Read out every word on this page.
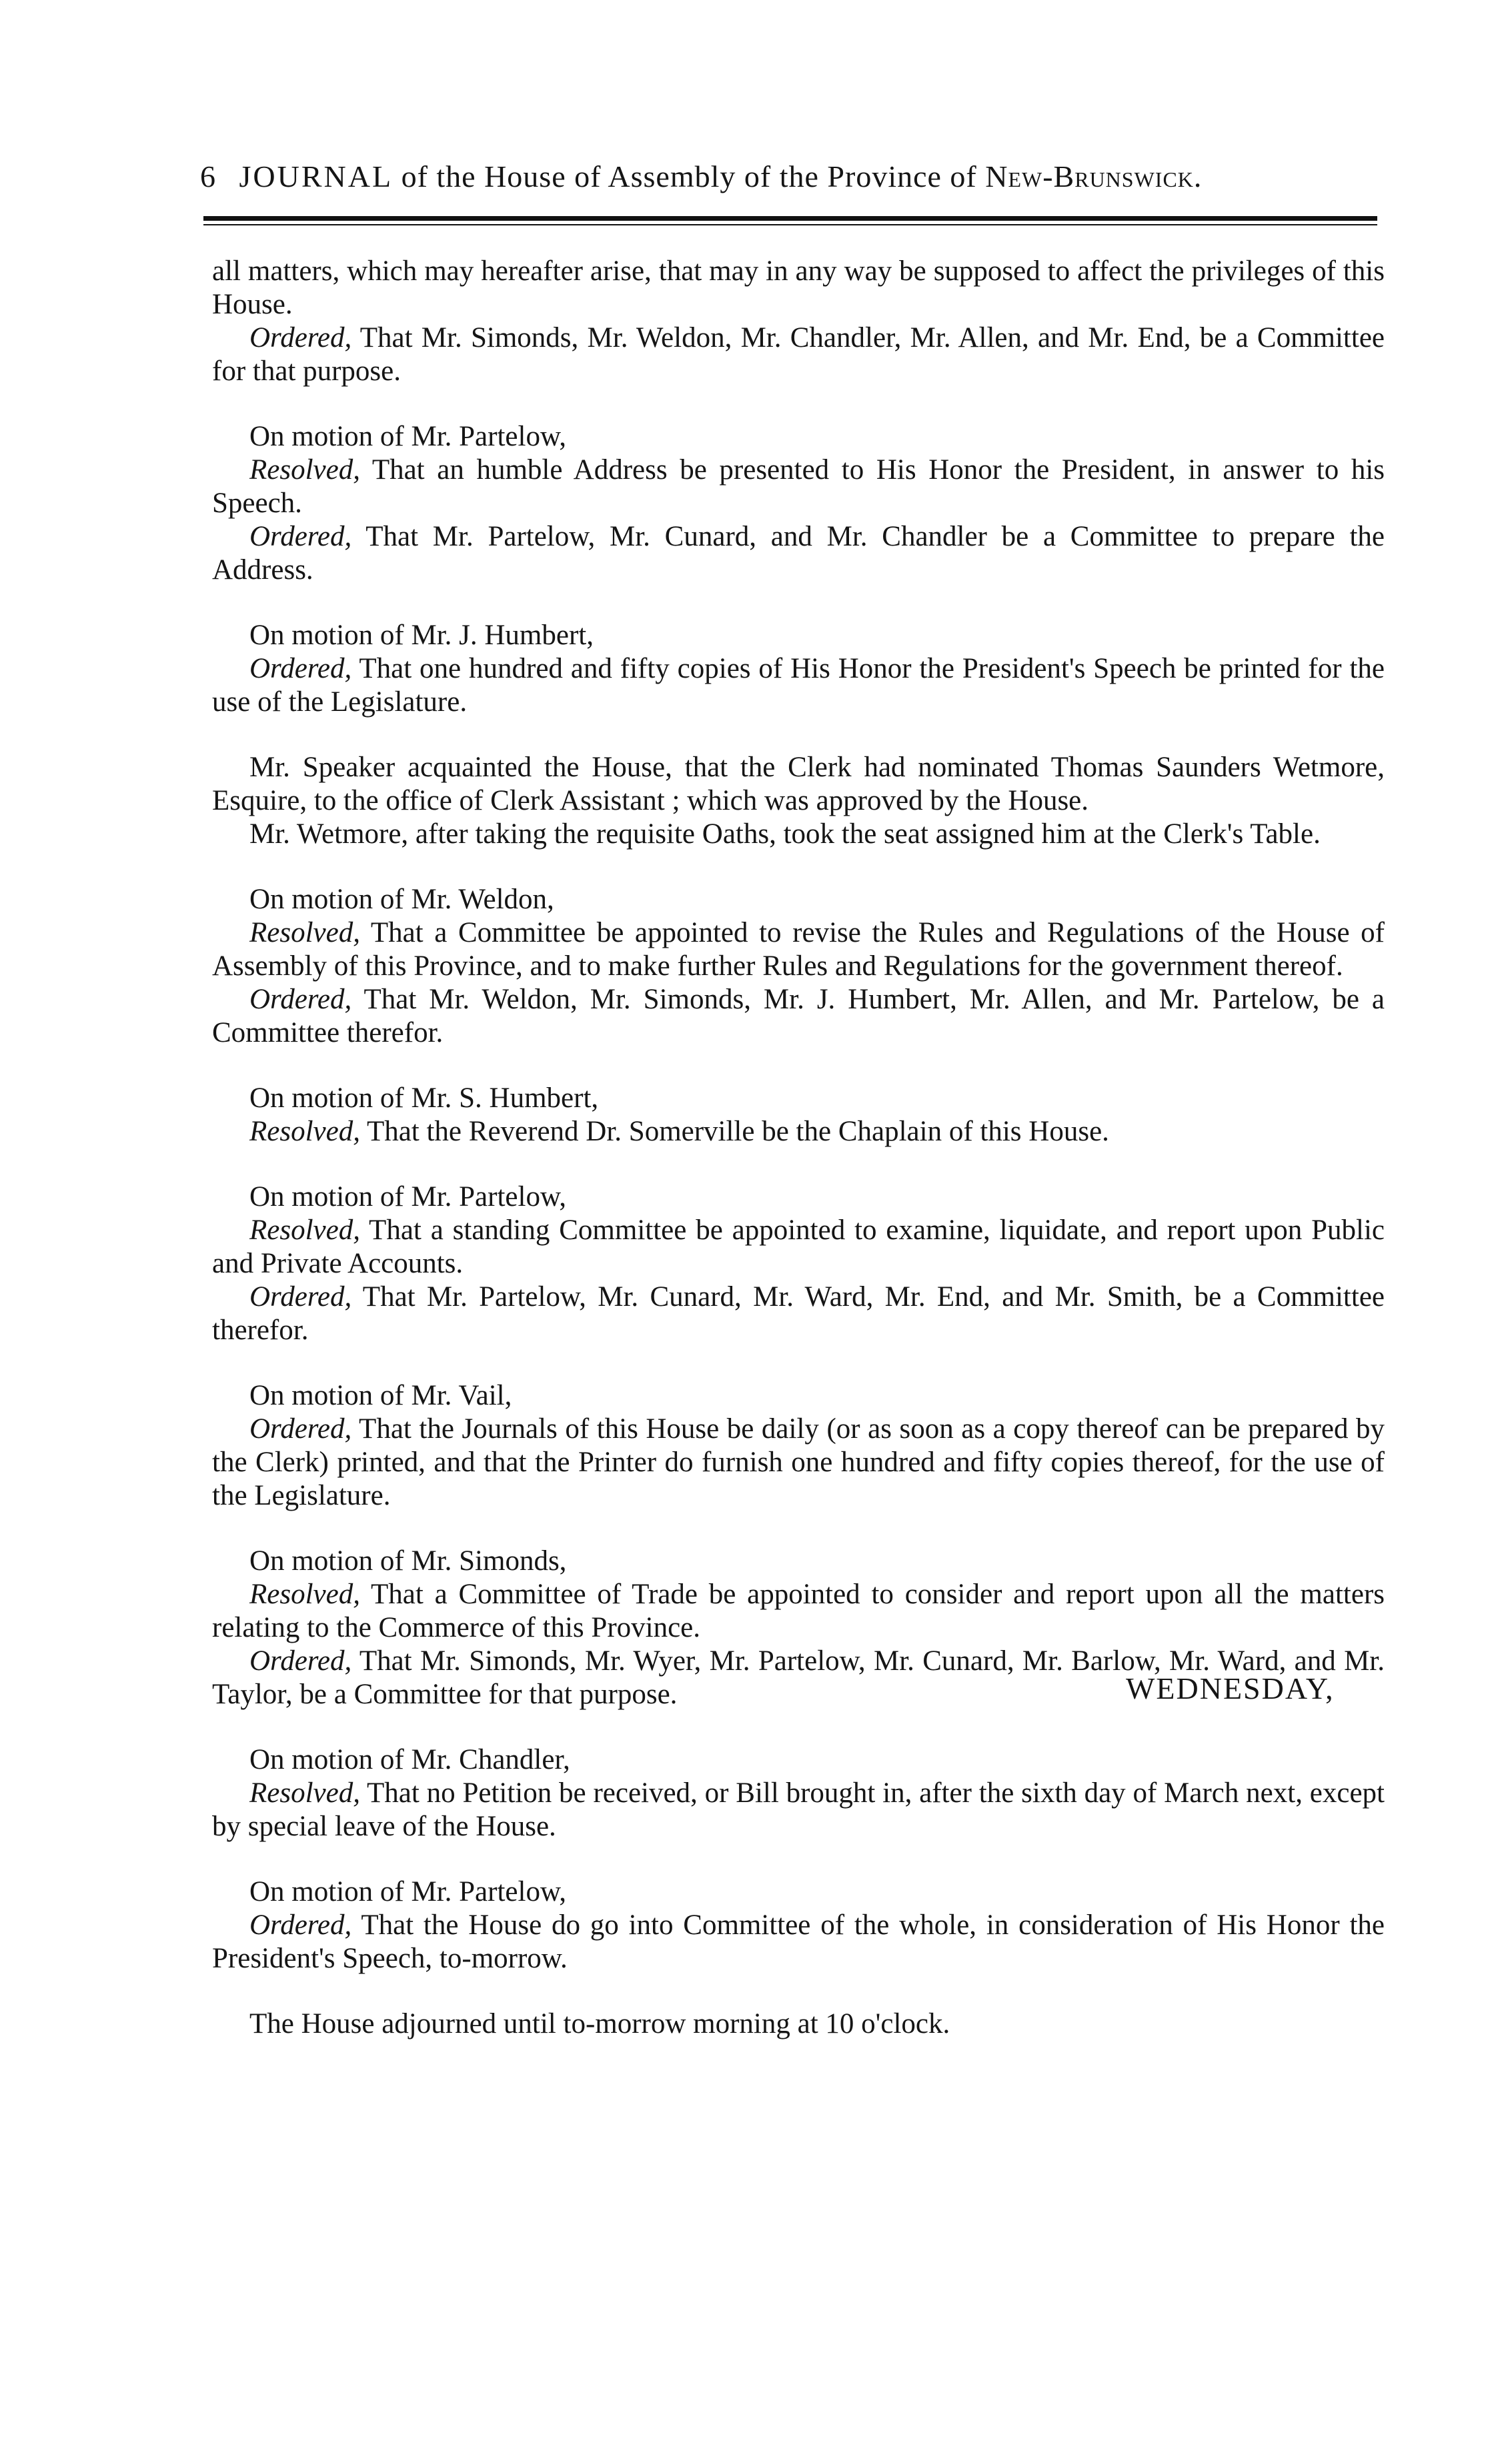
6 JOURNAL of the House of Assembly of the Province of New-Brunswick.
all matters, which may hereafter arise, that may in any way be supposed to affect the privileges of this House.
Ordered, That Mr. Simonds, Mr. Weldon, Mr. Chandler, Mr. Allen, and Mr. End, be a Committee for that purpose.
On motion of Mr. Partelow,
Resolved, That an humble Address be presented to His Honor the President, in answer to his Speech.
Ordered, That Mr. Partelow, Mr. Cunard, and Mr. Chandler be a Committee to prepare the Address.
On motion of Mr. J. Humbert,
Ordered, That one hundred and fifty copies of His Honor the President's Speech be printed for the use of the Legislature.
Mr. Speaker acquainted the House, that the Clerk had nominated Thomas Saunders Wetmore, Esquire, to the office of Clerk Assistant ; which was approved by the House.
Mr. Wetmore, after taking the requisite Oaths, took the seat assigned him at the Clerk's Table.
On motion of Mr. Weldon,
Resolved, That a Committee be appointed to revise the Rules and Regulations of the House of Assembly of this Province, and to make further Rules and Regulations for the government thereof.
Ordered, That Mr. Weldon, Mr. Simonds, Mr. J. Humbert, Mr. Allen, and Mr. Partelow, be a Committee therefor.
On motion of Mr. S. Humbert,
Resolved, That the Reverend Dr. Somerville be the Chaplain of this House.
On motion of Mr. Partelow,
Resolved, That a standing Committee be appointed to examine, liquidate, and report upon Public and Private Accounts.
Ordered, That Mr. Partelow, Mr. Cunard, Mr. Ward, Mr. End, and Mr. Smith, be a Committee therefor.
On motion of Mr. Vail,
Ordered, That the Journals of this House be daily (or as soon as a copy thereof can be prepared by the Clerk) printed, and that the Printer do furnish one hundred and fifty copies thereof, for the use of the Legislature.
On motion of Mr. Simonds,
Resolved, That a Committee of Trade be appointed to consider and report upon all the matters relating to the Commerce of this Province.
Ordered, That Mr. Simonds, Mr. Wyer, Mr. Partelow, Mr. Cunard, Mr. Barlow, Mr. Ward, and Mr. Taylor, be a Committee for that purpose.
On motion of Mr. Chandler,
Resolved, That no Petition be received, or Bill brought in, after the sixth day of March next, except by special leave of the House.
On motion of Mr. Partelow,
Ordered, That the House do go into Committee of the whole, in consideration of His Honor the President's Speech, to-morrow.
The House adjourned until to-morrow morning at 10 o'clock.
WEDNESDAY,
